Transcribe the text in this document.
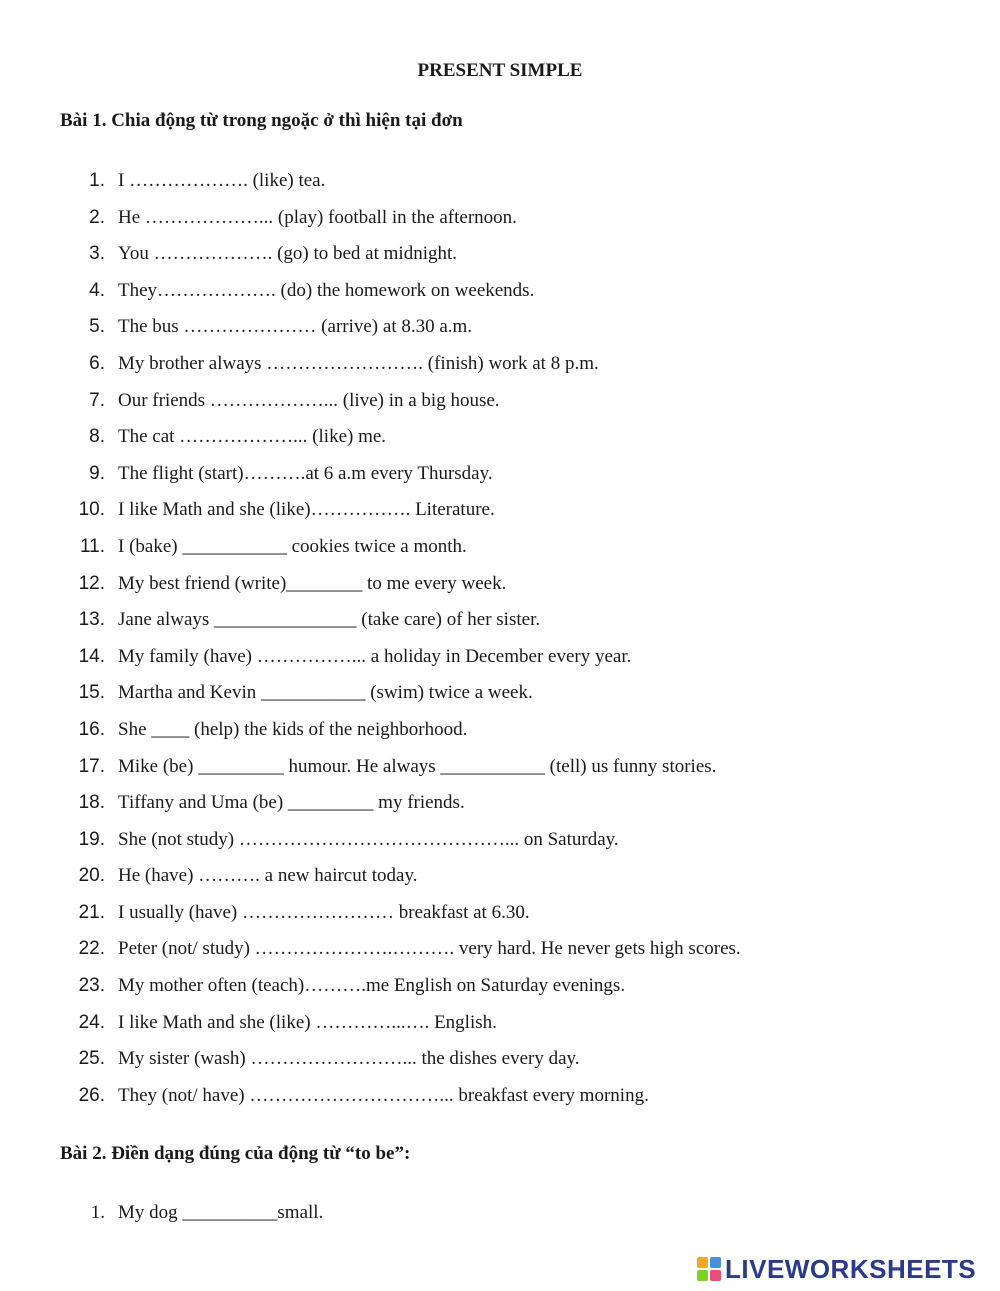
PRESENT SIMPLE
Bài 1. Chia động từ trong ngoặc ở thì hiện tại đơn
1. I ………………. (like) tea.
2. He ………………... (play) football in the afternoon.
3. You ………………. (go) to bed at midnight.
4. They………………. (do) the homework on weekends.
5. The bus ………………… (arrive) at 8.30 a.m.
6. My brother always ……………………. (finish) work at 8 p.m.
7. Our friends ………………... (live) in a big house.
8. The cat ………………... (like) me.
9. The flight (start)……….at 6 a.m every Thursday.
10. I like Math and she (like)……………. Literature.
11. I (bake) ___________ cookies twice a month.
12. My best friend (write)________ to me every week.
13. Jane always _______________ (take care) of her sister.
14. My family (have) ……………... a holiday in December every year.
15. Martha and Kevin ___________ (swim) twice a week.
16. She ____ (help) the kids of the neighborhood.
17. Mike (be) _________ humour. He always ___________ (tell) us funny stories.
18. Tiffany and Uma (be) _________ my friends.
19. She (not study) ……………………………………... on Saturday.
20. He (have) ………. a new haircut today.
21. I usually (have) …………………… breakfast at 6.30.
22. Peter (not/ study) ………………….………. very hard. He never gets high scores.
23. My mother often (teach)……….me English on Saturday evenings.
24. I like Math and she (like) …………...…. English.
25. My sister (wash) ……………………... the dishes every day.
26. They (not/ have) …………………………... breakfast every morning.
Bài 2. Điền dạng đúng của động từ “to be”:
1. My dog __________small.
LIVEWORKSHEETS
